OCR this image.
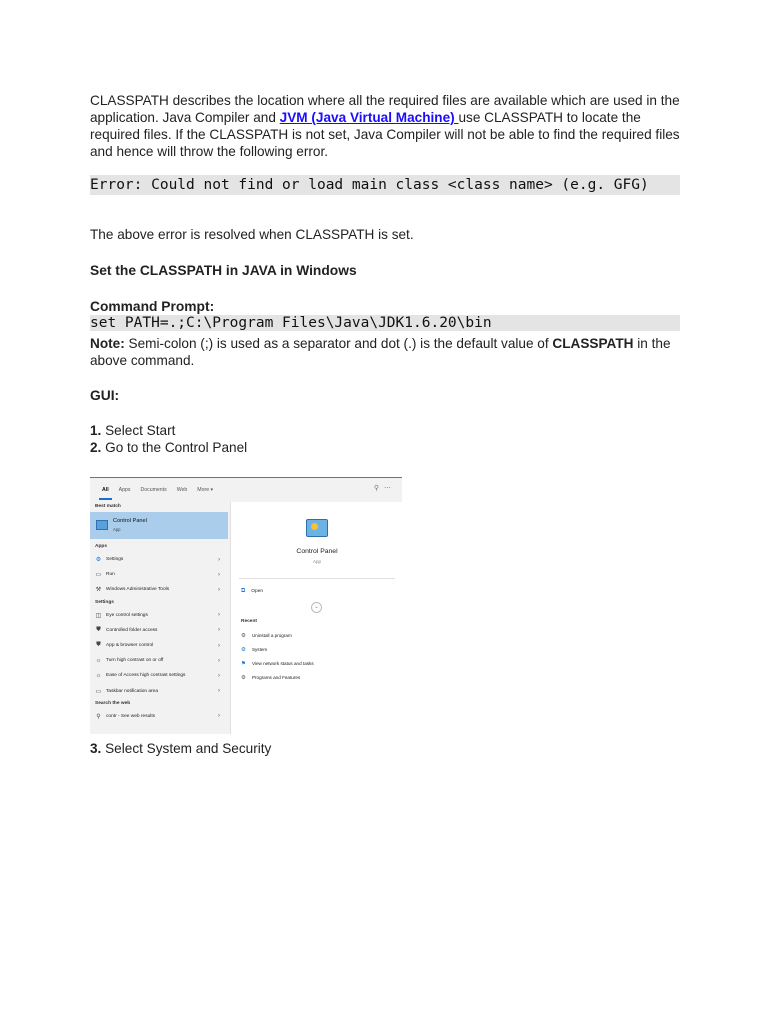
CLASSPATH describes the location where all the required files are available which are used in the application. Java Compiler and JVM (Java Virtual Machine) use CLASSPATH to locate the required files. If the CLASSPATH is not set, Java Compiler will not be able to find the required files and hence will throw the following error.

Error: Could not find or load main class <class name> (e.g. GFG)

The above error is resolved when CLASSPATH is set.

Set the CLASSPATH in JAVA in Windows

Command Prompt:

set PATH=.;C:\Program Files\Java\JDK1.6.20\bin

Note: Semi-colon (;) is used as a separator and dot (.) is the default value of CLASSPATH in the above command.

GUI:

1. Select Start

2. Go to the Control Panel

All	Apps	Documents	Web	More ▾	⚲⋯
Best match
Control Panel
App
Apps
⚙ Settings	›
▭ Run	›
⚒ Windows Administrative Tools	›
Settings
◫ Eye control settings	›
⛊ Controlled folder access	›
⛊ App & browser control	›
☼ Turn high contrast on or off	›
☼ Ease of Access high contrast settings	›
▭ Taskbar notification area	›
Search the web
⚲ contr - See web results	›
Control Panel
App
⧉ Open
⌄
Recent
⚙ Uninstall a program
⚙ System
⚑ View network status and tasks
⚙ Programs and Features
3. Select System and Security
